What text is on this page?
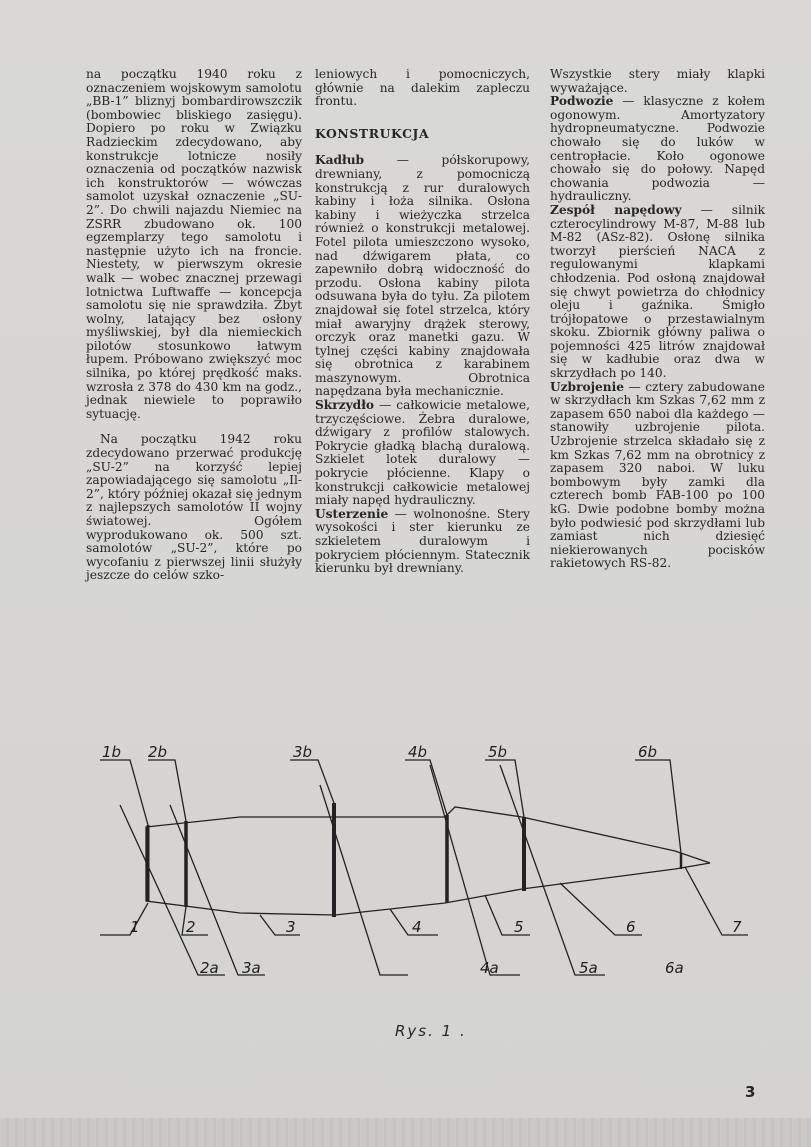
na początku 1940 roku z oznaczeniem wojskowym samolotu „BB-1” bliznyj bombardirowszczik (bombowiec bliskiego zasięgu). Dopiero po roku w Związku Radzieckim zdecydowano, aby konstrukcje lotnicze nosiły oznaczenia od początków nazwisk ich konstruktorów — wówczas samolot uzyskał oznaczenie „SU-2”. Do chwili najazdu Niemiec na ZSRR zbudowano ok. 100 egzemplarzy tego samolotu i następnie użyto ich na froncie. Niestety, w pierwszym okresie walk — wobec znacznej przewagi lotnictwa Luftwaffe — koncepcja samolotu się nie sprawdziła. Zbyt wolny, latający bez osłony myśliwskiej, był dla niemieckich pilotów stosunkowo łatwym łupem. Próbowano zwiększyć moc silnika, po której prędkość maks. wzrosła z 378 do 430 km na godz., jednak niewiele to poprawiło sytuację.

Na początku 1942 roku zdecydowano przerwać produkcję „SU-2” na korzyść lepiej zapowiadającego się samolotu „Il-2”, który później okazał się jednym z najlepszych samolotów II wojny światowej. Ogółem wyprodukowano ok. 500 szt. samolotów „SU-2”, które po wycofaniu z pierwszej linii służyły jeszcze do celów szko-

leniowych i pomocniczych, głównie na dalekim zapleczu frontu.

KONSTRUKCJA

Kadłub — półskorupowy, drewniany, z pomocniczą konstrukcją z rur duralowych kabiny i łoża silnika. Osłona kabiny i wieżyczka strzelca również o konstrukcji metalowej. Fotel pilota umieszczono wysoko, nad dźwigarem płata, co zapewniło dobrą widoczność do przodu. Osłona kabiny pilota odsuwana była do tyłu. Za pilotem znajdował się fotel strzelca, który miał awaryjny drążek sterowy, orczyk oraz manetki gazu. W tylnej części kabiny znajdowała się obrotnica z karabinem maszynowym. Obrotnica napędzana była mechanicznie.

Skrzydło — całkowicie metalowe, trzyczęściowe. Żebra duralowe, dźwigary z profilów stalowych. Pokrycie gładką blachą duralową. Szkielet lotek duralowy — pokrycie płócienne. Klapy o konstrukcji całkowicie metalowej miały napęd hydrauliczny.

Usterzenie — wolnonośne. Stery wysokości i ster kierunku ze szkieletem duralowym i pokryciem płóciennym. Statecznik kierunku był drewniany.

Wszystkie stery miały klapki wyważające.

Podwozie — klasyczne z kołem ogonowym. Amortyzatory hydropneumatyczne. Podwozie chowało się do luków w centropłacie. Koło ogonowe chowało się do połowy. Napęd chowania podwozia — hydrauliczny.

Zespół napędowy — silnik czterocylindrowy M-87, M-88 lub M-82 (ASz-82). Osłonę silnika tworzył pierścień NACA z regulowanymi klapkami chłodzenia. Pod osłoną znajdował się chwyt powietrza do chłodnicy oleju i gaźnika. Śmigło trójłopatowe o przestawialnym skoku. Zbiornik główny paliwa o pojemności 425 litrów znajdował się w kadłubie oraz dwa w skrzydłach po 140.

Uzbrojenie — cztery zabudowane w skrzydłach km Szkas 7,62 mm z zapasem 650 naboi dla każdego — stanowiły uzbrojenie pilota. Uzbrojenie strzelca składało się z km Szkas 7,62 mm na obrotnicy z zapasem 320 naboi. W luku bombowym były zamki dla czterech bomb FAB-100 po 100 kG. Dwie podobne bomby można było podwiesić pod skrzydłami lub zamiast nich dziesięć niekierowanych pocisków rakietowych RS-82.

1b 2b	3b	4b	5b	6b
1	2	3	4	5	6	7
2a 3a	4a	5a	6a
Rys. 1 .
3
